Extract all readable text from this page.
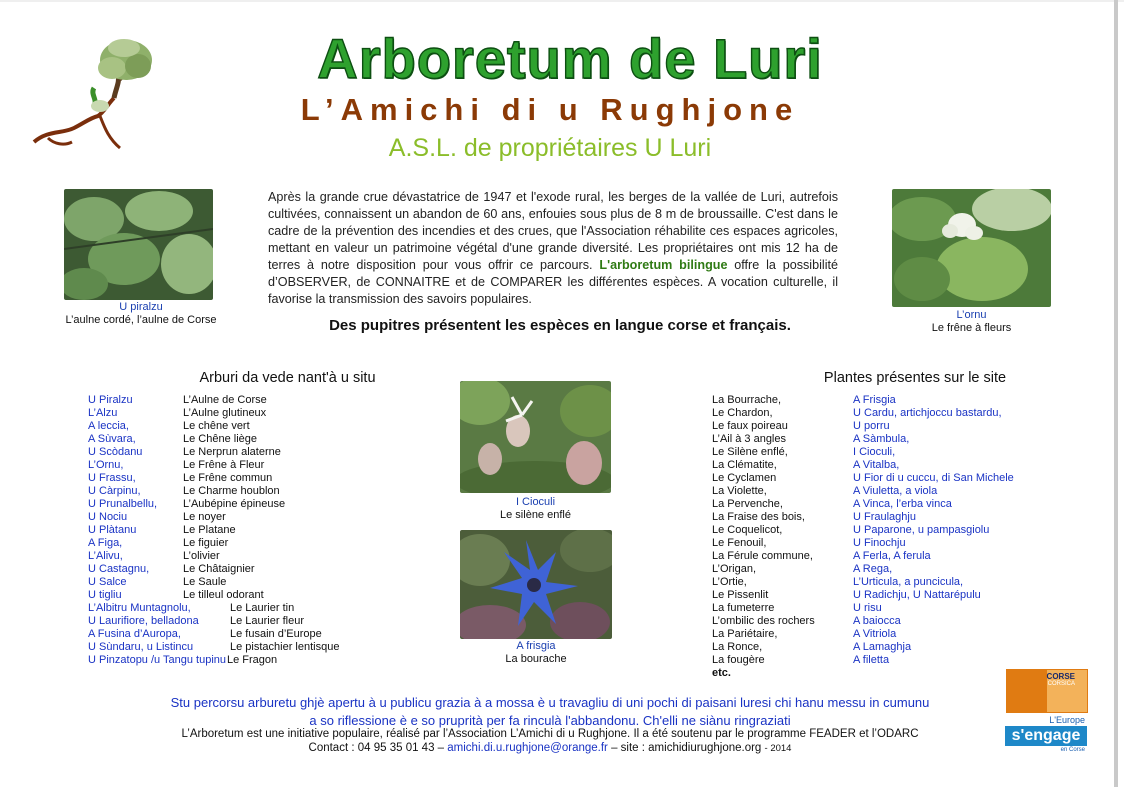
Arboretum de Luri
L’Amichi di u Rughjone
A.S.L. de propriétaires U Luri
U piralzu
L’aulne cordé, l’aulne de Corse
Après la grande crue dévastatrice de 1947 et l'exode rural, les berges de la vallée de Luri, autrefois cultivées, connaissent un abandon de 60 ans, enfouies sous plus de 8 m de broussaille. C'est dans le cadre de la prévention des incendies et des crues, que l'Association réhabilite ces espaces agricoles, mettant en valeur un patrimoine végétal d'une grande diversité. Les propriétaires ont mis 12 ha de terres à notre disposition pour vous offrir ce parcours. L'arboretum bilingue offre la possibilité d’OBSERVER, de CONNAITRE et de COMPARER les différentes espèces. A vocation culturelle, il favorise la transmission des savoirs populaires.
Des pupitres présentent les espèces en langue corse et français.
L’ornu
Le frêne à fleurs
Arburi da vede nant'à u situ	Plantes présentes sur le site
U Piralzu
L’Alzu
A leccia,
A Sùvara,
U Scòdanu
L’Ornu,
U Frassu,
U Càrpinu,
U Prunalbellu,
U Nociu
U Plàtanu
A Figa,
L’Alivu,
U Castagnu,
U Salce
U tigliu
L’Albitru Muntagnolu,
U Laurifiore, belladona
A Fusina d’Auropa,
U Sùndaru, u Listincu
U Pinzatopu /u Tangu tupinu
L’Aulne de Corse
L’Aulne glutineux
Le chêne vert
Le Chêne liège
Le Nerprun alaterne
Le Frêne à Fleur
Le Frêne commun
Le Charme houblon
L’Aubépine épineuse
Le noyer
Le Platane
Le figuier
L’olivier
Le Châtaignier
Le Saule
Le tilleul odorant
Le Laurier tin
Le Laurier fleur
Le fusain d’Europe
Le pistachier lentisque
Le Fragon
I Cioculi
Le silène enflé
A frisgia
La bourache
La Bourrache,
Le Chardon,
Le faux poireau
L’Ail à 3 angles
Le Silène enflé,
La Clématite,
Le Cyclamen
La Violette,
La Pervenche,
La Fraise des bois,
Le Coquelicot,
Le Fenouil,
La Férule commune,
L’Origan,
L’Ortie,
Le Pissenlit
La fumeterre
L’ombilic des rochers
La Pariétaire,
La Ronce,
La fougère
etc.
A Frisgia
U Cardu, artichjoccu bastardu,
U porru
A Sàmbula,
I Cioculi,
A Vitalba,
U Fior di u cuccu, di San Michele
A Viuletta, a viola
A Vinca, l’erba vinca
U Fraulaghju
U Paparone, u pampasgiolu
U Finochju
A Ferla, A ferula
A Rega,
L’Urticula, a puncicula,
U Radichju, U Nattarépulu
U risu
A baiocca
A Vitriola
A Lamaghja
A filetta
Stu percorsu arburetu ghjè apertu à u publicu grazia à a mossa è u travagliu di uni pochi di paisani luresi chi hanu messu in cumunu
a so riflessione è e so pruprità per fa rinculà l'abbandonu. Ch'elli ne siànu ringraziati
L’Arboretum est une initiative populaire, réalisé par l’Association L’Amichi di u Rughjone. Il a été soutenu par le programme FEADER et l’ODARC
Contact : 04 95 35 01 43 – amichi.di.u.rughjone@orange.fr – site : amichidiurughjone.org - 2014
CORSE
CORSICA
L'Europe
s'engage
en Corse
